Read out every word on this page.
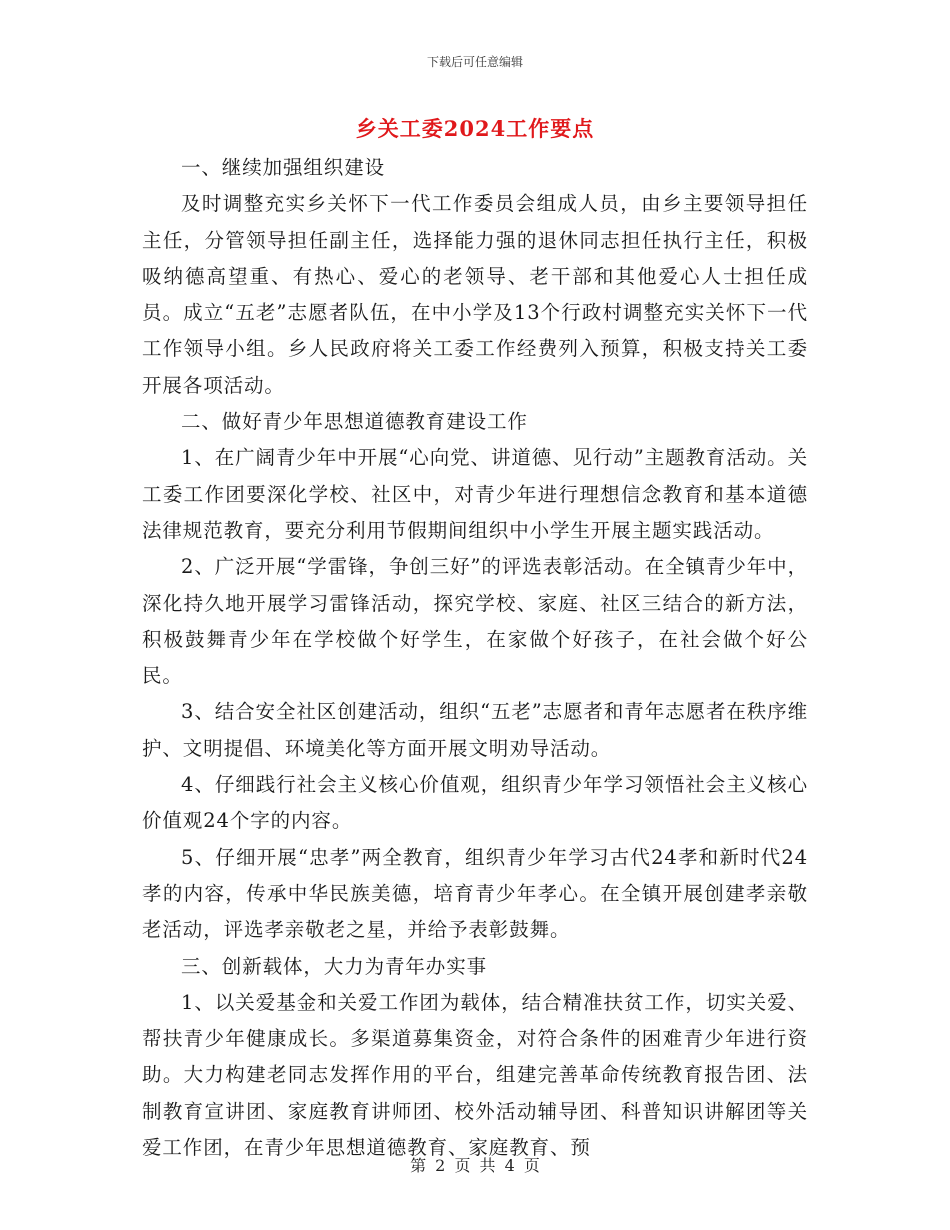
下载后可任意编辑
乡关工委2024工作要点

一、继续加强组织建设

及时调整充实乡关怀下一代工作委员会组成人员，由乡主要领导担任主任，分管领导担任副主任，选择能力强的退休同志担任执行主任，积极吸纳德高望重、有热心、爱心的老领导、老干部和其他爱心人士担任成员。成立“五老”志愿者队伍，在中小学及13个行政村调整充实关怀下一代工作领导小组。乡人民政府将关工委工作经费列入预算，积极支持关工委开展各项活动。

二、做好青少年思想道德教育建设工作

1、在广阔青少年中开展“心向党、讲道德、见行动”主题教育活动。关工委工作团要深化学校、社区中，对青少年进行理想信念教育和基本道德法律规范教育，要充分利用节假期间组织中小学生开展主题实践活动。

2、广泛开展“学雷锋，争创三好”的评选表彰活动。在全镇青少年中，深化持久地开展学习雷锋活动，探究学校、家庭、社区三结合的新方法，积极鼓舞青少年在学校做个好学生，在家做个好孩子，在社会做个好公民。

3、结合安全社区创建活动，组织“五老”志愿者和青年志愿者在秩序维护、文明提倡、环境美化等方面开展文明劝导活动。

4、仔细践行社会主义核心价值观，组织青少年学习领悟社会主义核心价值观24个字的内容。

5、仔细开展“忠孝”两全教育，组织青少年学习古代24孝和新时代24孝的内容，传承中华民族美德，培育青少年孝心。在全镇开展创建孝亲敬老活动，评选孝亲敬老之星，并给予表彰鼓舞。

三、创新载体，大力为青年办实事

1、以关爱基金和关爱工作团为载体，结合精准扶贫工作，切实关爱、帮扶青少年健康成长。多渠道募集资金，对符合条件的困难青少年进行资助。大力构建老同志发挥作用的平台，组建完善革命传统教育报告团、法制教育宣讲团、家庭教育讲师团、校外活动辅导团、科普知识讲解团等关爱工作团，在青少年思想道德教育、家庭教育、预

第 2 页 共 4 页
